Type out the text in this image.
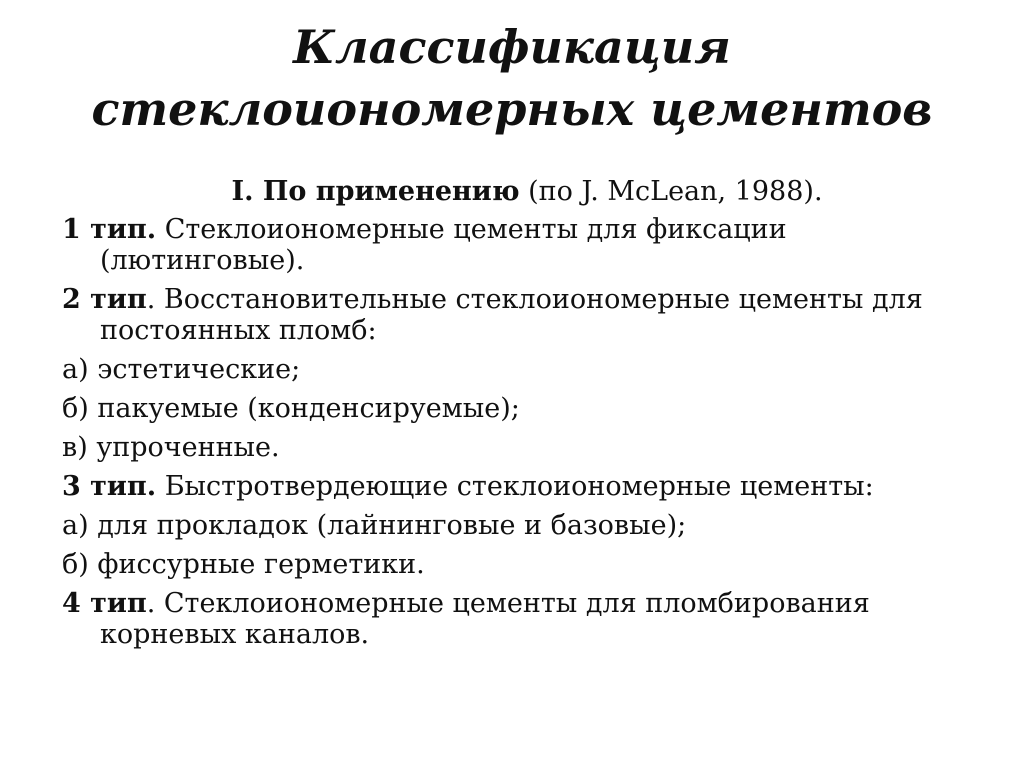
Классификация
стеклоиономерных цементов

I. По применению (по J. McLean, 1988).

1 тип. Стеклоиономерные цементы для фиксации (лютинговые).

2 тип. Восстановительные стеклоиономерные цементы для постоянных пломб:

а) эстетические;

б) пакуемые (конденсируемые);

в) упроченные.

3 тип. Быстротвердеющие стеклоиономерные цементы:

а) для прокладок (лайнинговые и базовые);

б) фиссурные герметики.

4 тип. Стеклоиономерные цементы для пломбирования корневых каналов.
